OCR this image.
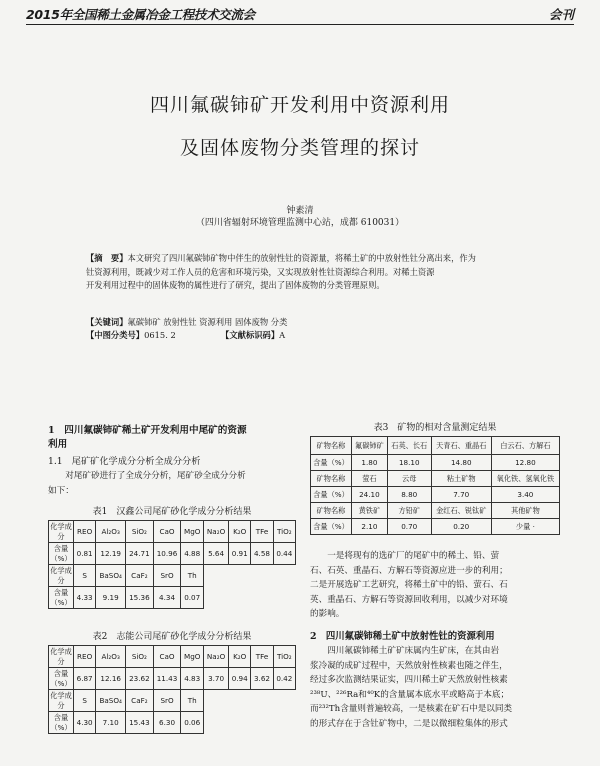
2015年全国稀土金属冶金工程技术交流会	会刊
四川氟碳铈矿开发利用中资源利用
及固体废物分类管理的探讨
钟素清
（四川省辐射环境管理监测中心站，成都 610031）
【摘　要】本文研究了四川氟碳铈矿物中伴生的放射性钍的资源量，将稀土矿的中放射性钍分离出来，作为
钍资源利用，既减少对工作人员的危害和环境污染，又实现放射性钍资源综合利用。对稀土资源
开发利用过程中的固体废物的属性进行了研究，提出了固体废物的分类管理原则。
【关键词】氟碳铈矿 放射性钍 资源利用 固体废物 分类
【中图分类号】0615. 2	【文献标识码】A
1　四川氟碳铈矿稀土矿开发利用中尾矿的资源
利用
1.1　尾矿矿化学成分分析全成分分析
对尾矿砂进行了全成分分析，尾矿砂全成分分析
如下：
表1　汉鑫公司尾矿砂化学成分分析结果
化学成分	REO	Al₂O₃	SiO₂	CaO	MgO	Na₂O	K₂O	TFe	TiO₂
含量（%）	0.81	12.19	24.71	10.96	4.88	5.64	0.91	4.58	0.44
化学成分	S	BaSO₄	CaF₂	SrO	Th				
含量（%）	4.33	9.19	15.36	4.34	0.07				
表2　志能公司尾矿砂化学成分分析结果
化学成分	REO	Al₂O₃	SiO₂	CaO	MgO	Na₂O	K₂O	TFe	TiO₂
含量（%）	6.87	12.16	23.62	11.43	4.83	3.70	0.94	3.62	0.42
化学成分	S	BaSO₄	CaF₂	SrO	Th				
含量（%）	4.30	7.10	15.43	6.30	0.06				
表3　矿物的相对含量测定结果
矿物名称	氟碳铈矿	石英、长石	天青石、重晶石	白云石、方解石
含量（%）	1.80	18.10	14.80	12.80
矿物名称	萤石	云母	粘土矿物	氧化铁、氢氧化铁
含量（%）	24.10	8.80	7.70	3.40
矿物名称	黄铁矿	方铅矿	金红石、锐钛矿	其他矿物
含量（%）	2.10	0.70	0.20	少量 ·
一是将现有的选矿厂的尾矿中的稀土、铅、萤
石、石英、重晶石、方解石等资源应进一步的利用；
二是开展选矿工艺研究，将稀土矿中的铅、萤石、石
英、重晶石、方解石等资源回收利用，以减少对环境
的影响。
2　四川氟碳铈稀土矿中放射性钍的资源利用
四川氟碳铈稀土矿矿床属内生矿床，在其由岩
浆冷凝的成矿过程中，天然放射性核素也随之伴生，
经过多次监测结果证实，四川稀土矿天然放射性核素
²³⁸U、²²⁶Ra和⁴⁰K的含量属本底水平或略高于本底；
而²³²Th含量则普遍较高，一是核素在矿石中是以同类
的形式存在于含钍矿物中，二是以微细粒集体的形式
